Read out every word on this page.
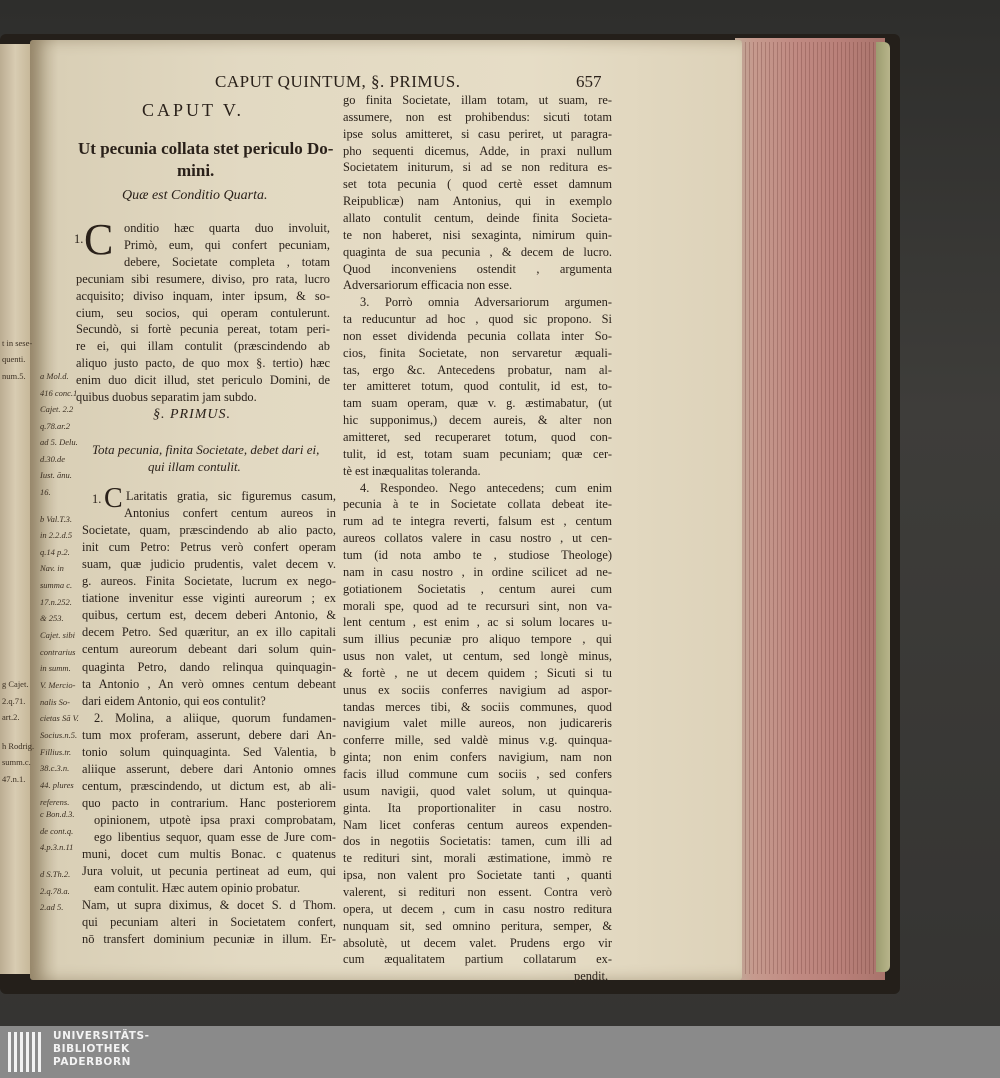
CAPUT QUINTUM, §. PRIMUS.	657
CAPUT V.
Ut pecunia collata stet periculo Do-
mini.
Quæ est Conditio Quarta.
1. C onditio hæc quarta duo involuit,
Primò, eum, qui confert pecuniam,
debere, Societate completa , totam
pecuniam sibi resumere, diviso, pro rata, lucro
acquisito; diviso inquam, inter ipsum, & so-
cium, seu socios, qui operam contulerunt.
Secundò, si fortè pecunia pereat, totam peri-
re ei, qui illam contulit (præscindendo ab
aliquo justo pacto, de quo mox §. tertio) hæc
enim duo dicit illud, stet periculo Domini, de
quibus duobus separatim jam subdo.
§. PRIMUS.
Tota pecunia, finita Societate, debet dari ei,
qui illam contulit.
1. C Laritatis gratia, sic figuremus casum,
Antonius confert centum aureos in
Societate, quam, præscindendo ab alio pacto,
init cum Petro: Petrus verò confert operam
suam, quæ judicio prudentis, valet decem v.
g. aureos. Finita Societate, lucrum ex nego-
tiatione invenitur esse viginti aureorum ; ex
quibus, certum est, decem deberi Antonio, &
decem Petro. Sed quæritur, an ex illo capitali
centum aureorum debeant dari solum quin-
quaginta Petro, dando relinqua quinquagin-
ta Antonio , An verò omnes centum debeant
dari eidem Antonio, qui eos contulit?
2. Molina, a aliique, quorum fundamen-
tum mox proferam, asserunt, debere dari An-
tonio solum quinquaginta. Sed Valentia, b
aliique asserunt, debere dari Antonio omnes
centum, præscindendo, ut dictum est, ab ali-
quo pacto in contrarium. Hanc posteriorem
opinionem, utpotè ipsa praxi comprobatam,
ego libentius sequor, quam esse de Jure com-
muni, docet cum multis Bonac. c quatenus
Jura voluit, ut pecunia pertineat ad eum, qui
eam contulit. Hæc autem opinio probatur.
Nam, ut supra diximus, & docet S. d Thom.
qui pecuniam alteri in Societatem confert,
nō transfert dominium pecuniæ in illum. Er-
a Mol.d.
416 conc.1
Cajet. 2.2
q.78.ar.2
ad 5. Delu.
d.30.de
Iust. ānu.
16.
b Val.T.3.
in 2.2.d.5
q.14 p.2.
Nav. in
summa c.
17.n.252.
& 253.
Cajet. sibi
contrarius
in summ.
V. Mercio-
nalis So-
cietas Sā V.
Socius.n.5.
Fillius.tr.
38.c.3.n.
44. plures
referens.
c Bon.d.3.
de cont.q.
4.p.3.n.11
d S.Th.2.
2.q.78.a.
2.ad 5.
t in sese-
quenti.
num.5.
g Cajet.
2.q.71.
art.2.
h Rodrig.
summ.c.
47.n.1.
go finita Societate, illam totam, ut suam, re-
assumere, non est prohibendus: sicuti totam
ipse solus amitteret, si casu periret, ut paragra-
pho sequenti dicemus, Adde, in praxi nullum
Societatem initurum, si ad se non reditura es-
set tota pecunia ( quod certè esset damnum
Reipublicæ) nam Antonius, qui in exemplo
allato contulit centum, deinde finita Societa-
te non haberet, nisi sexaginta, nimirum quin-
quaginta de sua pecunia , & decem de lucro.
Quod inconveniens ostendit , argumenta
Adversariorum efficacia non esse.
3. Porrò omnia Adversariorum argumen-
ta reducuntur ad hoc , quod sic propono. Si
non esset dividenda pecunia collata inter So-
cios, finita Societate, non servaretur æquali-
tas, ergo &c. Antecedens probatur, nam al-
ter amitteret totum, quod contulit, id est, to-
tam suam operam, quæ v. g. æstimabatur, (ut
hic supponimus,) decem aureis, & alter non
amitteret, sed recuperaret totum, quod con-
tulit, id est, totam suam pecuniam; quæ cer-
tè est inæqualitas toleranda.
4. Respondeo. Nego antecedens; cum enim
pecunia à te in Societate collata debeat ite-
rum ad te integra reverti, falsum est , centum
aureos collatos valere in casu nostro , ut cen-
tum (id nota ambo te , studiose Theologe)
nam in casu nostro , in ordine scilicet ad ne-
gotiationem Societatis , centum aurei cum
morali spe, quod ad te recursuri sint, non va-
lent centum , est enim , ac si solum locares u-
sum illius pecuniæ pro aliquo tempore , qui
usus non valet, ut centum, sed longè minus,
& fortè , ne ut decem quidem ; Sicuti si tu
unus ex sociis conferres navigium ad aspor-
tandas merces tibi, & sociis communes, quod
navigium valet mille aureos, non judicareris
conferre mille, sed valdè minus v.g. quinqua-
ginta; non enim confers navigium, nam non
facis illud commune cum sociis , sed confers
usum navigii, quod valet solum, ut quinqua-
ginta. Ita proportionaliter in casu nostro.
Nam licet conferas centum aureos expenden-
dos in negotiis Societatis: tamen, cum illi ad
te redituri sint, morali æstimatione, immò re
ipsa, non valent pro Societate tanti , quanti
valerent, si redituri non essent. Contra verò
opera, ut decem , cum in casu nostro reditura
nunquam sit, sed omnino peritura, semper, &
absolutè, ut decem valet. Prudens ergo vir
cum æqualitatem partium collatarum ex-
pendit,
UNIVERSITÄTS-
BIBLIOTHEK
PADERBORN
